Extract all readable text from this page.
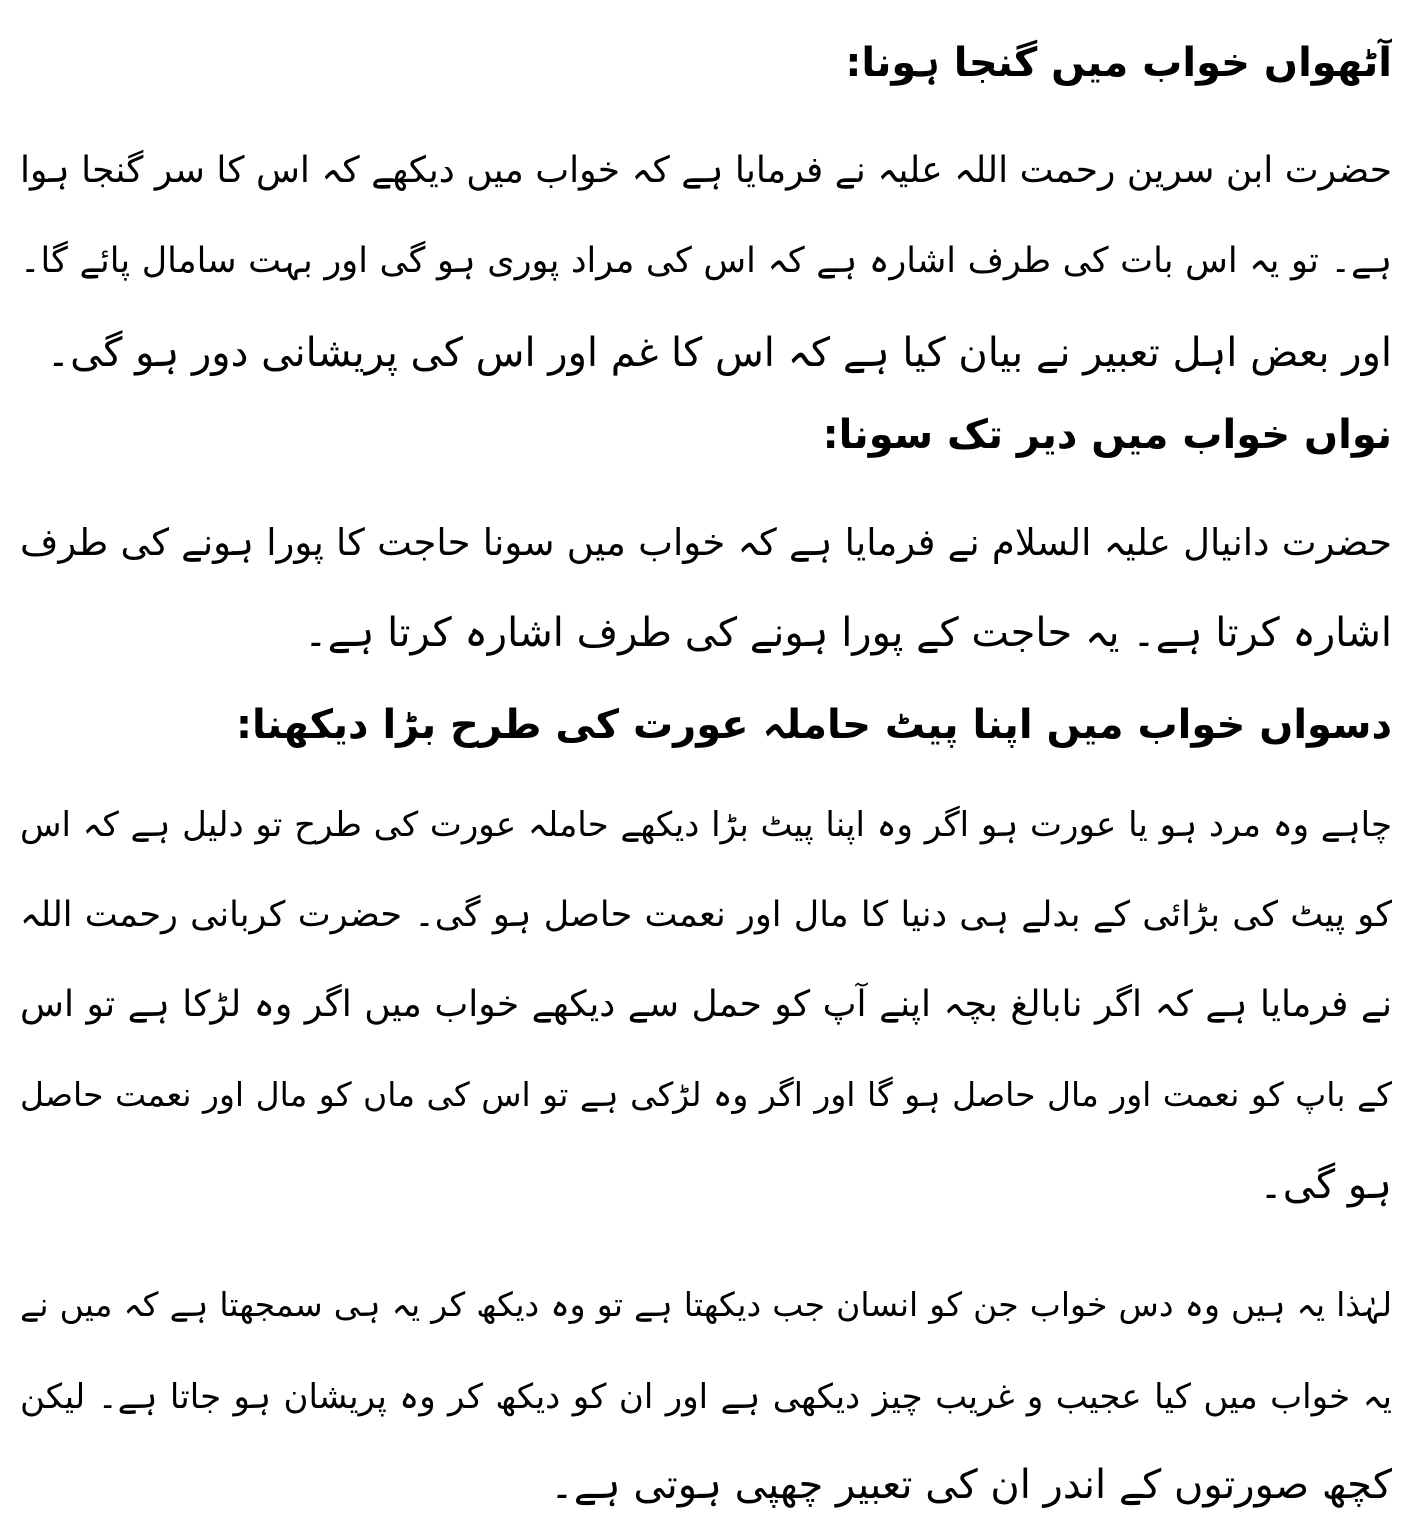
آٹھواں خواب میں گنجا ہونا:
حضرت ابن سرین رحمت اللہ علیہ نے فرمایا ہے کہ خواب میں دیکھے کہ اس کا سر گنجا ہوا
ہے۔ تو یہ اس بات کی طرف اشارہ ہے کہ اس کی مراد پوری ہو گی اور بہت سامال پائے گا۔
اور بعض اہل تعبیر نے بیان کیا ہے کہ اس کا غم اور اس کی پریشانی دور ہو گی۔
نواں خواب میں دیر تک سونا:
حضرت دانیال علیہ السلام نے فرمایا ہے کہ خواب میں سونا حاجت کا پورا ہونے کی طرف
اشارہ کرتا ہے۔ یہ حاجت کے پورا ہونے کی طرف اشارہ کرتا ہے۔
دسواں خواب میں اپنا پیٹ حاملہ عورت کی طرح بڑا دیکھنا:
چاہے وہ مرد ہو یا عورت ہو اگر وہ اپنا پیٹ بڑا دیکھے حاملہ عورت کی طرح تو دلیل ہے کہ اس
کو پیٹ کی بڑائی کے بدلے ہی دنیا کا مال اور نعمت حاصل ہو گی۔ حضرت کربانی رحمت اللہ
نے فرمایا ہے کہ اگر نابالغ بچہ اپنے آپ کو حمل سے دیکھے خواب میں اگر وہ لڑکا ہے تو اس
کے باپ کو نعمت اور مال حاصل ہو گا اور اگر وہ لڑکی ہے تو اس کی ماں کو مال اور نعمت حاصل
ہو گی۔
لہٰذا یہ ہیں وہ دس خواب جن کو انسان جب دیکھتا ہے تو وہ دیکھ کر یہ ہی سمجھتا ہے کہ میں نے
یہ خواب میں کیا عجیب و غریب چیز دیکھی ہے اور ان کو دیکھ کر وہ پریشان ہو جاتا ہے۔ لیکن
کچھ صورتوں کے اندر ان کی تعبیر چھپی ہوتی ہے۔
